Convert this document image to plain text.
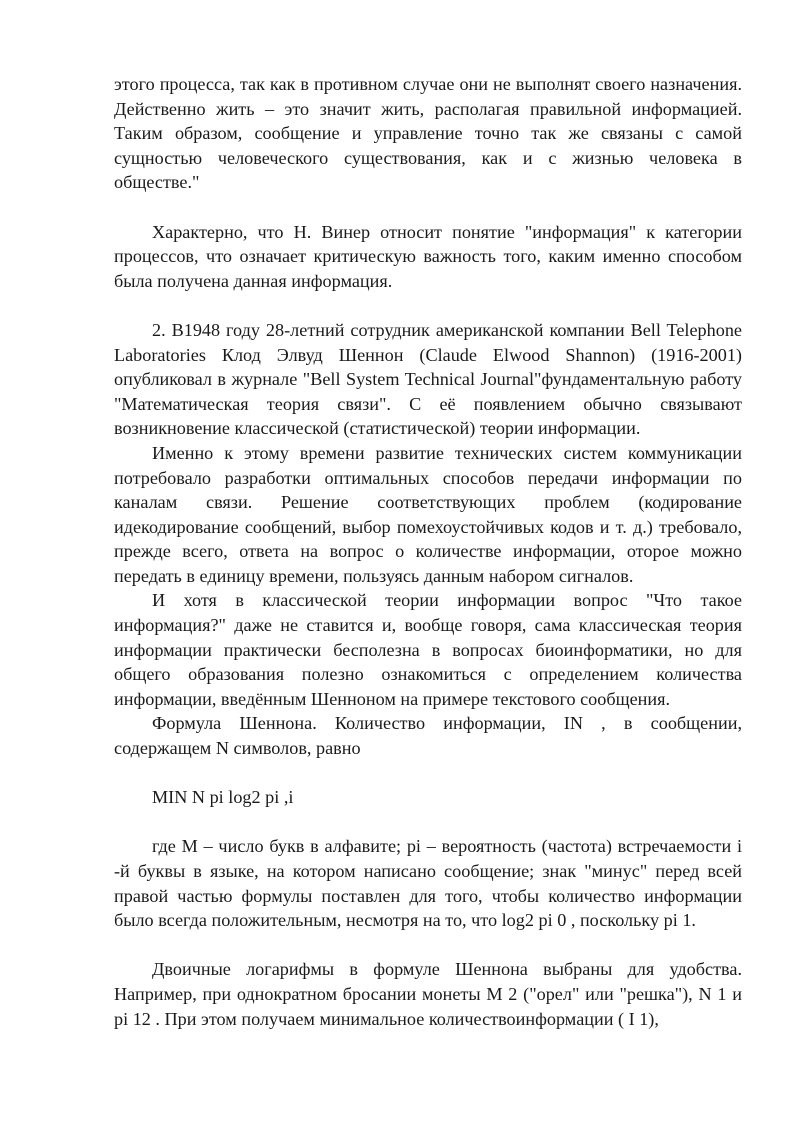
этого процесса, так как в противном случае они не выполнят своего назначения. Действенно жить – это значит жить, располагая правильной информацией. Таким образом, сообщение и управление точно так же связаны с самой сущностью человеческого существования, как и с жизнью человека в обществе."

Характерно, что Н. Винер относит понятие "информация" к категории процессов, что означает критическую важность того, каким именно способом была получена данная информация.

2. В1948 году 28-летний сотрудник американской компании Bell Telephone Laboratories Клод Элвуд Шеннон (Claude Elwood Shannon) (1916-2001) опубликовал в журнале "Bell System Technical Journal"фундаментальную работу "Математическая теория связи". С её появлением обычно связывают возникновение классической (статистической) теории информации.

Именно к этому времени развитие технических систем коммуникации потребовало разработки оптимальных способов передачи информации по каналам связи. Решение соответствующих проблем (кодирование идекодирование сообщений, выбор помехоустойчивых кодов и т. д.) требовало, прежде всего, ответа на вопрос о количестве информации, оторое можно передать в единицу времени, пользуясь данным набором сигналов.

И хотя в классической теории информации вопрос "Что такое информация?" даже не ставится и, вообще говоря, сама классическая теория информации практически бесполезна в вопросах биоинформатики, но для общего образования полезно ознакомиться с определением количества информации, введённым Шенноном на примере текстового сообщения.

Формула Шеннона. Количество информации, IN , в сообщении, содержащем N символов, равно

MIN N pi log2 pi ,i

где M – число букв в алфавите; pi – вероятность (частота) встречаемости i -й буквы в языке, на котором написано сообщение; знак "минус" перед всей правой частью формулы поставлен для того, чтобы количество информации было всегда положительным, несмотря на то, что log2 pi 0 , поскольку pi 1.

Двоичные логарифмы в формуле Шеннона выбраны для удобства. Например, при однократном бросании монеты M 2 ("орел" или "решка"), N 1 и pi 12 . При этом получаем минимальное количествоинформации ( I 1),
